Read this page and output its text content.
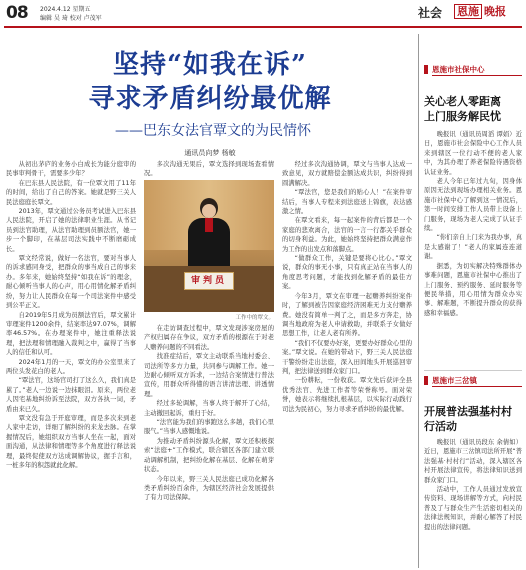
08 2024.4.12 星期五
编辑 吴 琦 校对 卢茂军	社会 恩施 晚报
坚持“如我在诉”
寻求矛盾纠纷最优解
——巴东女法官覃文的为民情怀
通讯员向梦 杨敏

从初出茅庐的业务小白成长为能分庭审的民事审判骨干，需要多少年？

在巴东县人民法院，有一位覃文用了11年的时间，给出了自己的答案。她就是野三关人民法庭庭长覃文。

2013年，覃文通过公务员考试进入巴东县人民法院，开启了她的法律职业生涯。从书记员到法官助理，从法官助理到员额法官，她一步一个脚印，在基层司法实践中不断磨砺成长。

覃文经常说，做好一名法官，要对当事人的诉求感同身受，把群众的事当成自己的事来办。多年来，她始终坚持“如我在诉”的理念，耐心倾听当事人的心声，用心用情化解矛盾纠纷，努力让人民群众在每一个司法案件中感受到公平正义。

自2019年5月成为员额法官后，覃文累计审理案件1200余件，结案率达97.07%，调解率46.57%。在办理案件中，她注重释法说理，把法理和情理融入裁判之中，赢得了当事人的信任和认可。

2024年1月的一天，覃文的办公室里来了两位头发花白的老人。

“覃法官，这场官司打了这么久，我们真是累了。”老人一边说一边抹眼泪。原来，两位老人因宅基地纠纷诉至法院，双方各执一词，矛盾由来已久。

覃文没有急于开庭审理，而是多次来到老人家中走访，详细了解纠纷的来龙去脉。在掌握情况后，她组织双方当事人坐在一起，面对面沟通，从法律和情理等多个角度进行释法说理，最终促使双方达成调解协议，握手言和，一桩多年的积怨就此化解。

多次沟通无果后，覃文选择到现场查看情况。

审判员
工作中的覃文。

在走访调查过程中，覃文发现涉案房屋的产权归属存在争议，双方矛盾的根源在于对老人赡养问题的不同看法。

找准症结后，覃文主动联系当地村委会、司法所等多方力量，共同参与调解工作。她一边耐心倾听双方诉求，一边结合案情进行普法宣传，用群众听得懂的语言讲清法理、讲透情理。

经过多轮调解，当事人终于解开了心结，主动撤回起诉，重归于好。

“法官能为我们的事跑这么多趟，我们心里服气。”当事人感慨地说。

为推动矛盾纠纷源头化解，覃文还积极探索“法庭+”工作模式，联合辖区各部门建立联动调解机制，把纠纷化解在基层、化解在萌芽状态。

今年以来，野三关人民法庭已成功化解各类矛盾纠纷百余件，为辖区经济社会发展提供了有力司法保障。

经过多次沟通协调，覃文与当事人达成一致意见，双方就赔偿金额达成共识，纠纷得到圆满解决。

“覃法官，您是我们的贴心人！”在案件审结后，当事人专程来到法庭送上锦旗，表达感激之情。

在覃文看来，每一起案件的背后都是一个家庭的悲欢离合，法官的一言一行都关乎群众的切身利益。为此，她始终坚持把群众满意作为工作的出发点和落脚点。

“做群众工作，关键是要将心比心。”覃文说，群众的事无小事，只有真正站在当事人的角度思考问题，才能找到化解矛盾的最佳方案。

今年3月，覃文在审理一起赡养纠纷案件时，了解到被告因家庭经济困难无力支付赡养费。她没有简单一判了之，而是多方奔走，协调当地政府为老人申请救助，并联系子女做好思想工作，让老人老有所养。

“我们不仅要办好案，更要办好群众心里的案。”覃文说。在她的带动下，野三关人民法庭干警纷纷走出法庭，深入田间地头开展巡回审判，把法律送到群众家门口。

一份耕耘，一份收获。覃文先后获评全县优秀法官、先进工作者等荣誉称号。面对荣誉，她表示将继续扎根基层，以实际行动践行司法为民初心，努力寻求矛盾纠纷的最优解。

恩施市社保中心
关心老人零距离
上门服务解民忧

晚报讯（通讯员周滔 谭娟）近日，恩施市社会保险中心工作人员来到辖区一位行动不便的老人家中，为其办理了养老保险待遇资格认证业务。

老人今年已年过九旬，因身体原因无法到现场办理相关业务。恩施市社保中心了解到这一情况后，第一时间安排工作人员带上设备上门服务，现场为老人完成了认证手续。

“你们亲自上门来为我办事，真是太感谢了！”老人的家属连连道谢。

据悉，为切实解决特殊群体办事难问题，恩施市社保中心推出了上门服务、预约服务、延时服务等便民举措，用心用情为群众办实事、解难题，不断提升群众的获得感和幸福感。

恩施市三岔镇
开展普法强基村村行活动

晚报讯（通讯员段东 余倩如）近日，恩施市三岔镇司法所开展“普法强基·村村行”活动，深入辖区各村开展法律宣传，将法律知识送到群众家门口。

活动中，工作人员通过发放宣传资料、现场讲解等方式，向村民普及了与群众生产生活密切相关的法律法规知识，并耐心解答了村民提出的法律问题。
